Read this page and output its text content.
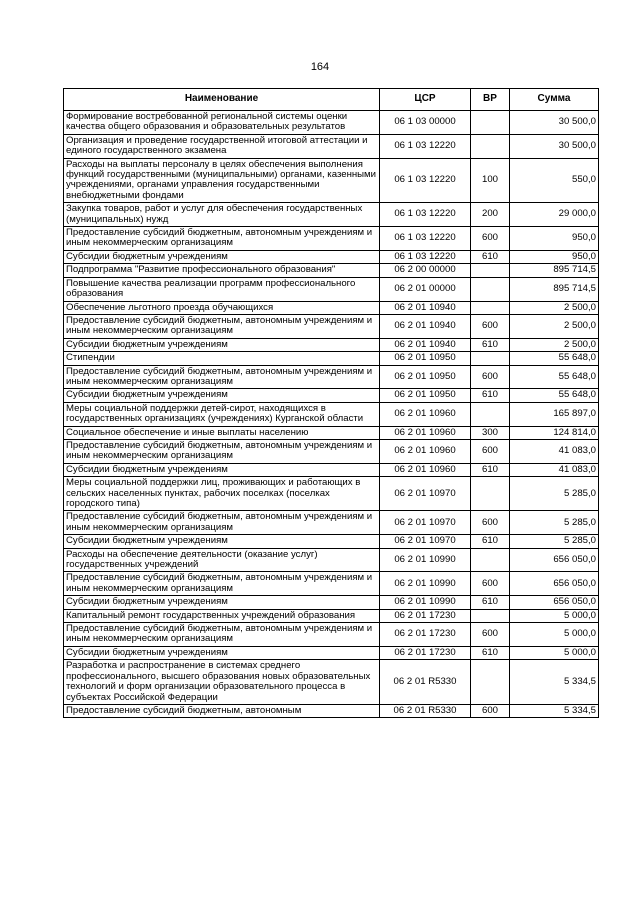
164
Наименование	ЦСР	ВР	Сумма
Формирование востребованной региональной системы оценки качества общего образования и образовательных результатов	06 1 03 00000		30 500,0
Организация и проведение государственной итоговой аттестации и единого государственного экзамена	06 1 03 12220		30 500,0
Расходы на выплаты персоналу в целях обеспечения выполнения функций государственными (муниципальными) органами, казенными учреждениями, органами управления государственными внебюджетными фондами	06 1 03 12220	100	550,0
Закупка товаров, работ и услуг для обеспечения государственных (муниципальных) нужд	06 1 03 12220	200	29 000,0
Предоставление субсидий бюджетным, автономным учреждениям и иным некоммерческим организациям	06 1 03 12220	600	950,0
Субсидии бюджетным учреждениям	06 1 03 12220	610	950,0
Подпрограмма "Развитие профессионального образования"	06 2 00 00000		895 714,5
Повышение качества реализации программ профессионального образования	06 2 01 00000		895 714,5
Обеспечение льготного проезда обучающихся	06 2 01 10940		2 500,0
Предоставление субсидий бюджетным, автономным учреждениям и иным некоммерческим организациям	06 2 01 10940	600	2 500,0
Субсидии бюджетным учреждениям	06 2 01 10940	610	2 500,0
Стипендии	06 2 01 10950		55 648,0
Предоставление субсидий бюджетным, автономным учреждениям и иным некоммерческим организациям	06 2 01 10950	600	55 648,0
Субсидии бюджетным учреждениям	06 2 01 10950	610	55 648,0
Меры социальной поддержки детей-сирот, находящихся в государственных организациях (учреждениях) Курганской области	06 2 01 10960		165 897,0
Социальное обеспечение и иные выплаты населению	06 2 01 10960	300	124 814,0
Предоставление субсидий бюджетным, автономным учреждениям и иным некоммерческим организациям	06 2 01 10960	600	41 083,0
Субсидии бюджетным учреждениям	06 2 01 10960	610	41 083,0
Меры социальной поддержки лиц, проживающих и работающих в сельских населенных пунктах, рабочих поселках (поселках городского типа)	06 2 01 10970		5 285,0
Предоставление субсидий бюджетным, автономным учреждениям и иным некоммерческим организациям	06 2 01 10970	600	5 285,0
Субсидии бюджетным учреждениям	06 2 01 10970	610	5 285,0
Расходы на обеспечение деятельности (оказание услуг) государственных учреждений	06 2 01 10990		656 050,0
Предоставление субсидий бюджетным, автономным учреждениям и иным некоммерческим организациям	06 2 01 10990	600	656 050,0
Субсидии бюджетным учреждениям	06 2 01 10990	610	656 050,0
Капитальный ремонт государственных учреждений образования	06 2 01 17230		5 000,0
Предоставление субсидий бюджетным, автономным учреждениям и иным некоммерческим организациям	06 2 01 17230	600	5 000,0
Субсидии бюджетным учреждениям	06 2 01 17230	610	5 000,0
Разработка и распространение в системах среднего профессионального, высшего образования новых образовательных технологий и форм организации образовательного процесса в субъектах Российской Федерации	06 2 01 R5330		5 334,5
Предоставление субсидий бюджетным, автономным	06 2 01 R5330	600	5 334,5
